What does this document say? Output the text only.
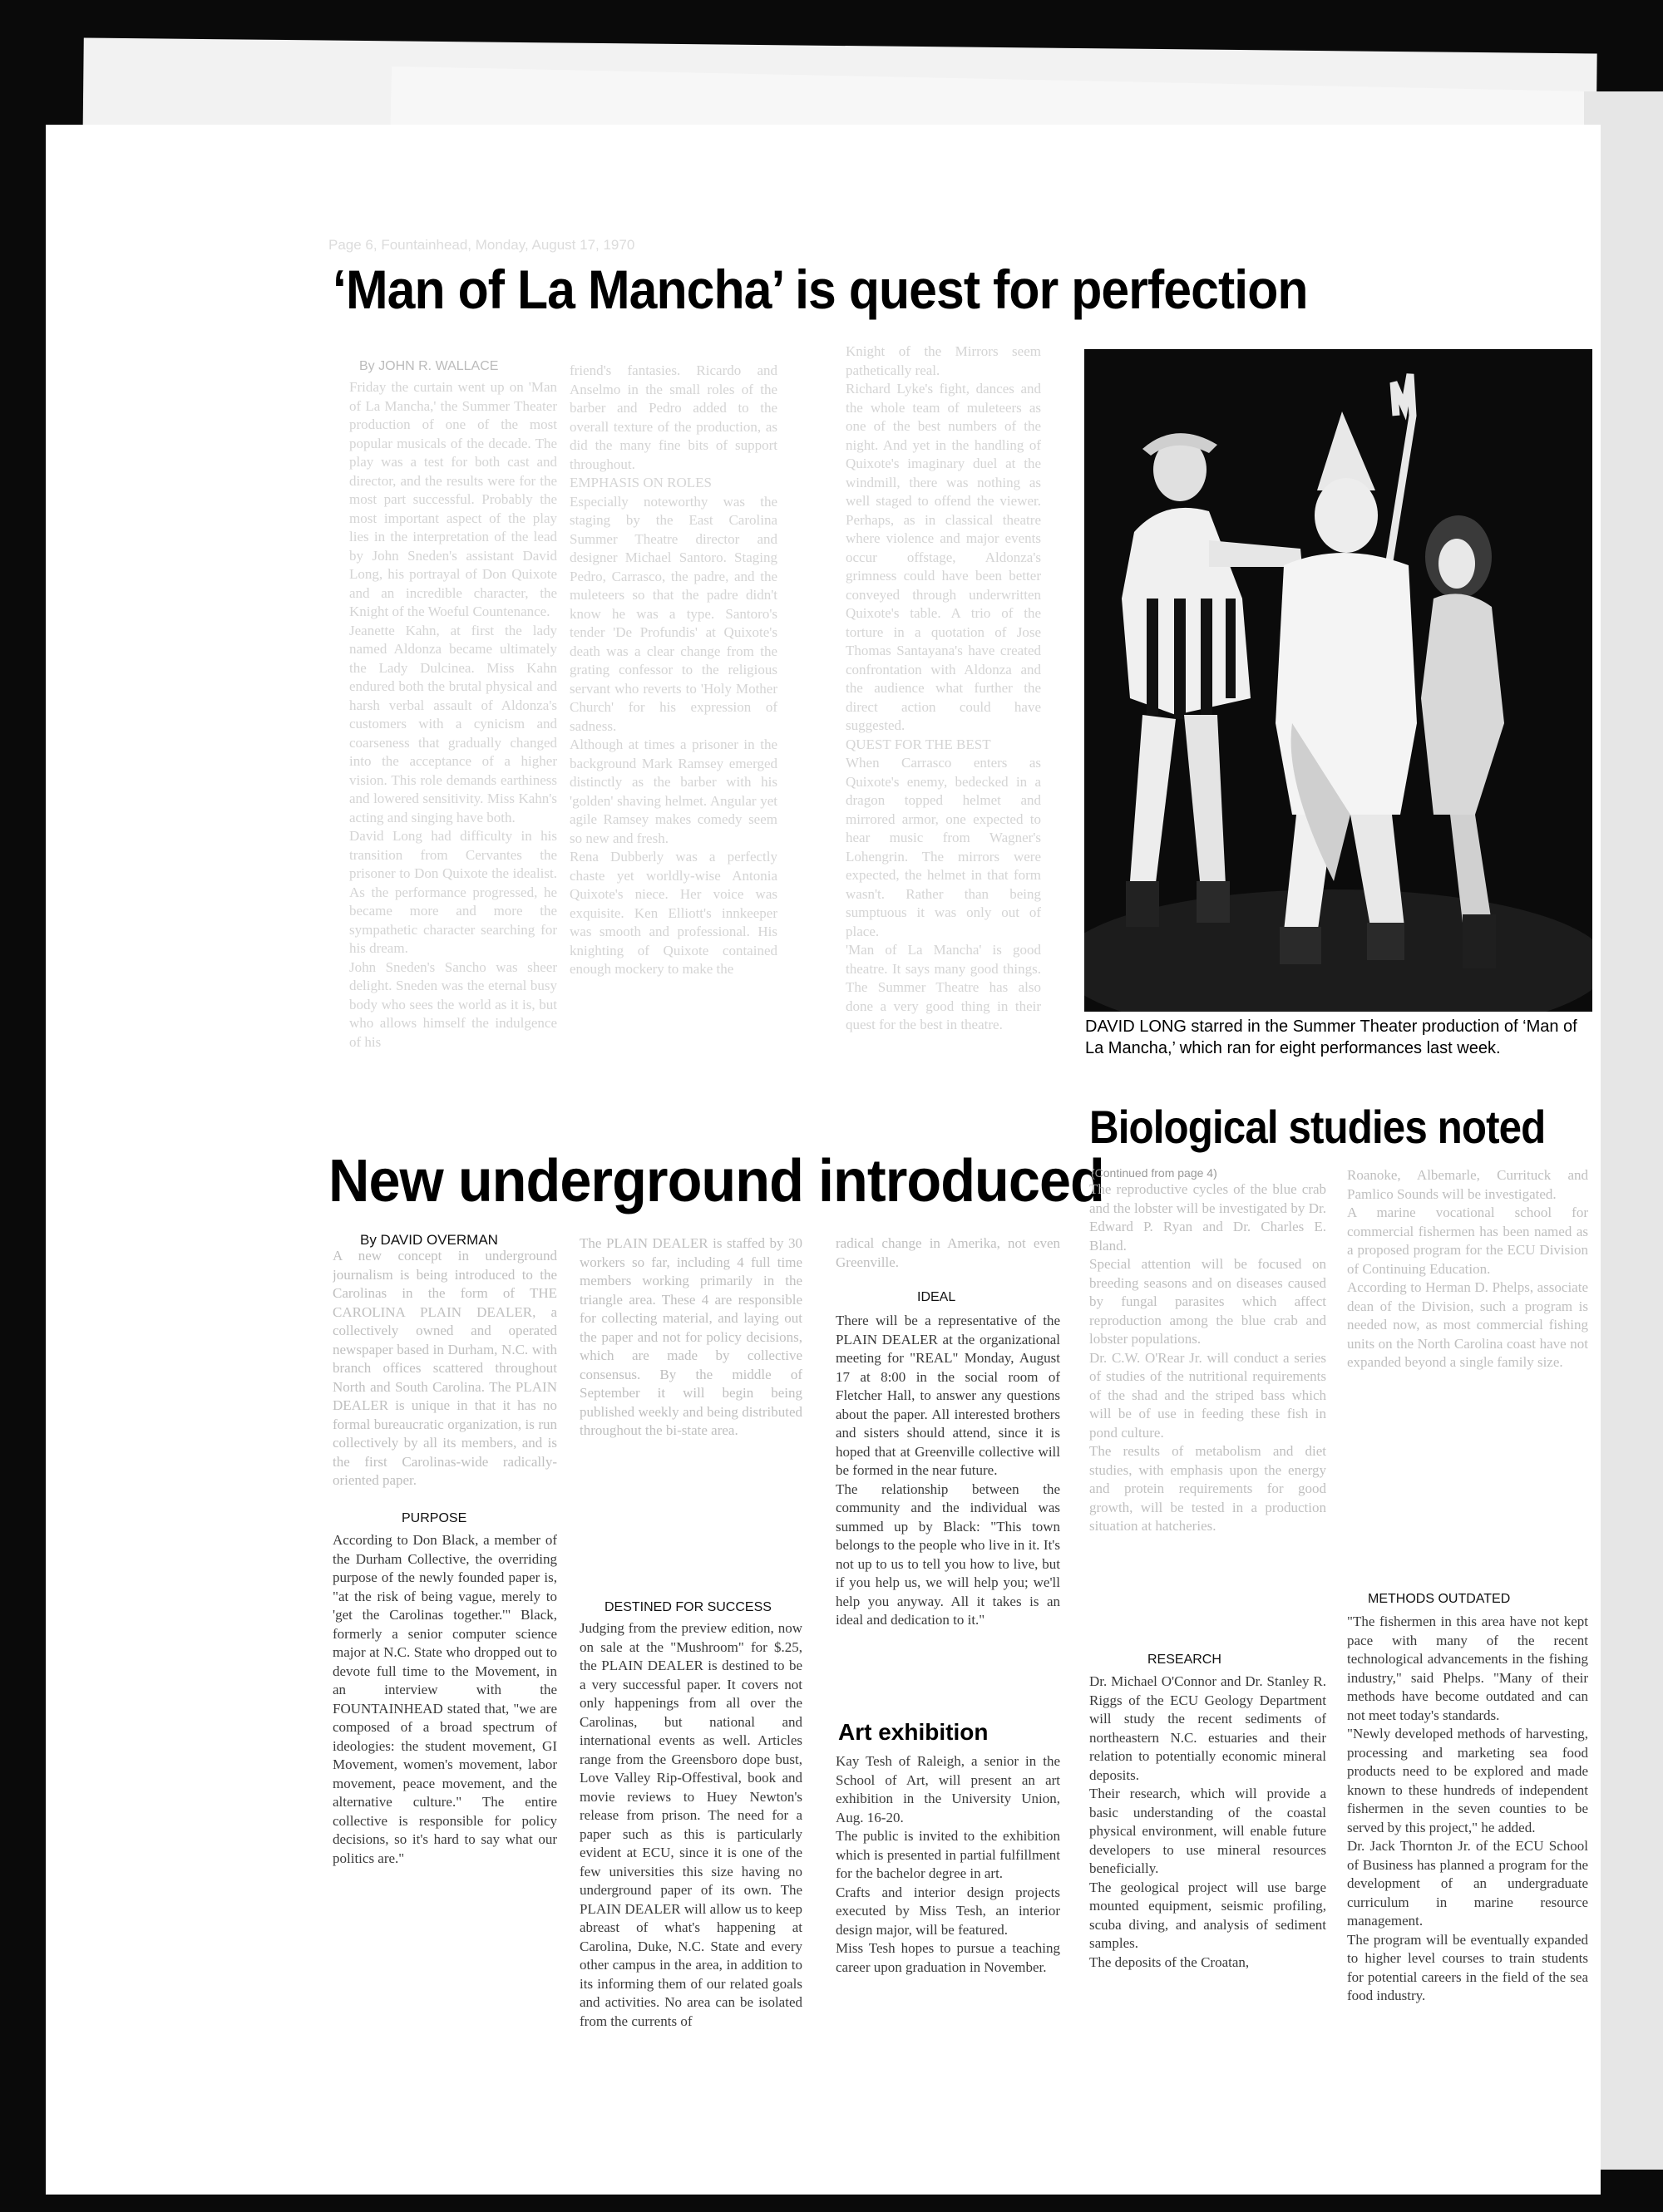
Page 6, Fountainhead, Monday, August 17, 1970
‘Man of La Mancha’ is quest for perfection
By JOHN R. WALLACE
Friday the curtain went up on 'Man of La Mancha,' the Summer Theater production of one of the most popular musicals of the decade. The play was a test for both cast and director, and the results were for the most part successful. Probably the most important aspect of the play lies in the interpretation of the lead by John Sneden's assistant David Long, his portrayal of Don Quixote and an incredible character, the Knight of the Woeful Countenance.
Jeanette Kahn, at first the lady named Aldonza became ultimately the Lady Dulcinea. Miss Kahn endured both the brutal physical and harsh verbal assault of Aldonza's customers with a cynicism and coarseness that gradually changed into the acceptance of a higher vision. This role demands earthiness and lowered sensitivity. Miss Kahn's acting and singing have both.
David Long had difficulty in his transition from Cervantes the prisoner to Don Quixote the idealist. As the performance progressed, he became more and more the sympathetic character searching for his dream.
John Sneden's Sancho was sheer delight. Sneden was the eternal busy body who sees the world as it is, but who allows himself the indulgence of his
friend's fantasies. Ricardo and Anselmo in the small roles of the barber and Pedro added to the overall texture of the production, as did the many fine bits of support throughout.
EMPHASIS ON ROLES
Especially noteworthy was the staging by the East Carolina Summer Theatre director and designer Michael Santoro. Staging Pedro, Carrasco, the padre, and the muleteers so that the padre didn't know he was a type. Santoro's tender 'De Profundis' at Quixote's death was a clear change from the grating confessor to the religious servant who reverts to 'Holy Mother Church' for his expression of sadness.
Although at times a prisoner in the background Mark Ramsey emerged distinctly as the barber with his 'golden' shaving helmet. Angular yet agile Ramsey makes comedy seem so new and fresh.
Rena Dubberly was a perfectly chaste yet worldly-wise Antonia Quixote's niece. Her voice was exquisite. Ken Elliott's innkeeper was smooth and professional. His knighting of Quixote contained enough mockery to make the
Knight of the Mirrors seem pathetically real.
Richard Lyke's fight, dances and the whole team of muleteers as one of the best numbers of the night. And yet in the handling of Quixote's imaginary duel at the windmill, there was nothing as well staged to offend the viewer. Perhaps, as in classical theatre where violence and major events occur offstage, Aldonza's grimness could have been better conveyed through underwritten Quixote's table. A trio of the torture in a quotation of Jose Thomas Santayana's have created confrontation with Aldonza and the audience what further the direct action could have suggested.
QUEST FOR THE BEST
When Carrasco enters as Quixote's enemy, bedecked in a dragon topped helmet and mirrored armor, one expected to hear music from Wagner's Lohengrin. The mirrors were expected, the helmet in that form wasn't. Rather than being sumptuous it was only out of place.
'Man of La Mancha' is good theatre. It says many good things. The Summer Theatre has also done a very good thing in their quest for the best in theatre.	DAVID LONG starred in the Summer Theater production of ‘Man of La Mancha,’ which ran for eight performances last week.
New underground introduced
By DAVID OVERMAN
A new concept in underground journalism is being introduced to the Carolinas in the form of THE CAROLINA PLAIN DEALER, a collectively owned and operated newspaper based in Durham, N.C. with branch offices scattered throughout North and South Carolina. The PLAIN DEALER is unique in that it has no formal bureaucratic organization, is run collectively by all its members, and is the first Carolinas-wide radically-oriented paper.
PURPOSE
According to Don Black, a member of the Durham Collective, the overriding purpose of the newly founded paper is, "at the risk of being vague, merely to 'get the Carolinas together.'" Black, formerly a senior computer science major at N.C. State who dropped out to devote full time to the Movement, in an interview with the FOUNTAINHEAD stated that, "we are composed of a broad spectrum of ideologies: the student movement, GI Movement, women's movement, labor movement, peace movement, and the alternative culture." The entire collective is responsible for policy decisions, so it's hard to say what our politics are."
The PLAIN DEALER is staffed by 30 workers so far, including 4 full time members working primarily in the triangle area. These 4 are responsible for collecting material, and laying out the paper and not for policy decisions, which are made by collective consensus. By the middle of September it will begin being published weekly and being distributed throughout the bi-state area.
DESTINED FOR SUCCESS
Judging from the preview edition, now on sale at the "Mushroom" for $.25, the PLAIN DEALER is destined to be a very successful paper. It covers not only happenings from all over the Carolinas, but national and international events as well. Articles range from the Greensboro dope bust, Love Valley Rip-Offestival, book and movie reviews to Huey Newton's release from prison. The need for a paper such as this is particularly evident at ECU, since it is one of the few universities this size having no underground paper of its own. The PLAIN DEALER will allow us to keep abreast of what's happening at Carolina, Duke, N.C. State and every other campus in the area, in addition to its informing them of our related goals and activities. No area can be isolated from the currents of
radical change in Amerika, not even Greenville.
IDEAL
There will be a representative of the PLAIN DEALER at the organizational meeting for "REAL" Monday, August 17 at 8:00 in the social room of Fletcher Hall, to answer any questions about the paper. All interested brothers and sisters should attend, since it is hoped that at Greenville collective will be formed in the near future.
The relationship between the community and the individual was summed up by Black: "This town belongs to the people who live in it. It's not up to us to tell you how to live, but if you help us, we will help you; we'll help you anyway. All it takes is an ideal and dedication to it."
Art exhibition
Kay Tesh of Raleigh, a senior in the School of Art, will present an art exhibition in the University Union, Aug. 16-20.
The public is invited to the exhibition which is presented in partial fulfillment for the bachelor degree in art.
Crafts and interior design projects executed by Miss Tesh, an interior design major, will be featured.
Miss Tesh hopes to pursue a teaching career upon graduation in November.
Biological studies noted
(Continued from page 4)
The reproductive cycles of the blue crab and the lobster will be investigated by Dr. Edward P. Ryan and Dr. Charles E. Bland.
Special attention will be focused on breeding seasons and on diseases caused by fungal parasites which affect reproduction among the blue crab and lobster populations.
Dr. C.W. O'Rear Jr. will conduct a series of studies of the nutritional requirements of the shad and the striped bass which will be of use in feeding these fish in pond culture.
The results of metabolism and diet studies, with emphasis upon the energy and protein requirements for good growth, will be tested in a production situation at hatcheries.
RESEARCH
Dr. Michael O'Connor and Dr. Stanley R. Riggs of the ECU Geology Department will study the recent sediments of northeastern N.C. estuaries and their relation to potentially economic mineral deposits.
Their research, which will provide a basic understanding of the coastal physical environment, will enable future developers to use mineral resources beneficially.
The geological project will use barge mounted equipment, seismic profiling, scuba diving, and analysis of sediment samples.
The deposits of the Croatan,
Roanoke, Albemarle, Currituck and Pamlico Sounds will be investigated.
A marine vocational school for commercial fishermen has been named as a proposed program for the ECU Division of Continuing Education.
According to Herman D. Phelps, associate dean of the Division, such a program is needed now, as most commercial fishing units on the North Carolina coast have not expanded beyond a single family size.
METHODS OUTDATED
"The fishermen in this area have not kept pace with many of the recent technological advancements in the fishing industry," said Phelps. "Many of their methods have become outdated and can not meet today's standards.
"Newly developed methods of harvesting, processing and marketing sea food products need to be explored and made known to these hundreds of independent fishermen in the seven counties to be served by this project," he added.
Dr. Jack Thornton Jr. of the ECU School of Business has planned a program for the development of an undergraduate curriculum in marine resource management.
The program will be eventually expanded to higher level courses to train students for potential careers in the field of the sea food industry.
